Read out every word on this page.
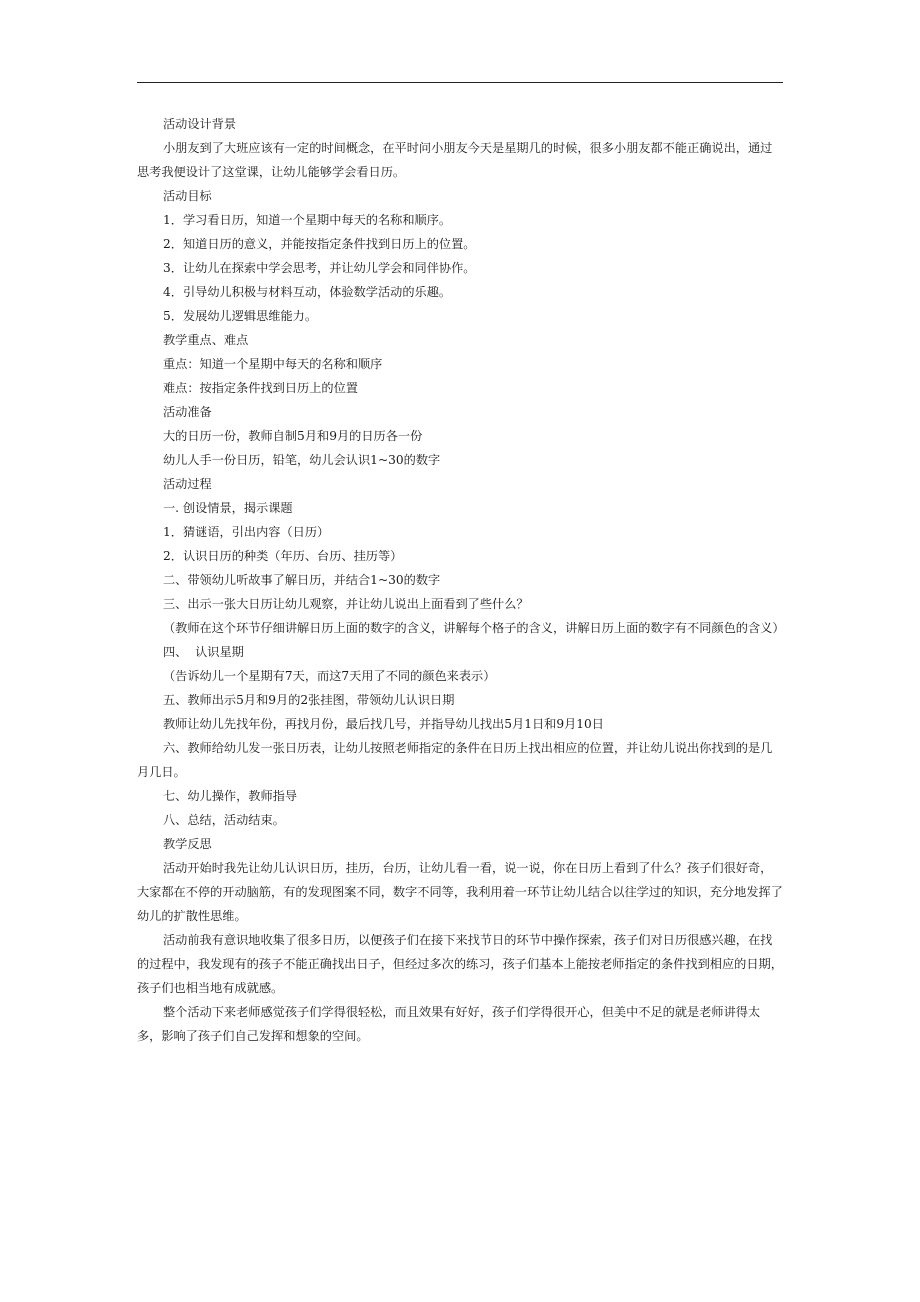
活动设计背景

小朋友到了大班应该有一定的时间概念，在平时问小朋友今天是星期几的时候，很多小朋友都不能正确说出，通过思考我便设计了这堂课，让幼儿能够学会看日历。

活动目标

1．学习看日历，知道一个星期中每天的名称和顺序。

2．知道日历的意义，并能按指定条件找到日历上的位置。

3．让幼儿在探索中学会思考，并让幼儿学会和同伴协作。

4．引导幼儿积极与材料互动，体验数学活动的乐趣。

5．发展幼儿逻辑思维能力。

教学重点、难点

重点：知道一个星期中每天的名称和顺序

难点：按指定条件找到日历上的位置

活动准备

大的日历一份，教师自制5月和9月的日历各一份

幼儿人手一份日历，铅笔，幼儿会认识1~30的数字

活动过程

一. 创设情景，揭示课题

1．猜谜语，引出内容（日历）

2．认识日历的种类（年历、台历、挂历等）

二、带领幼儿听故事了解日历，并结合1~30的数字

三、出示一张大日历让幼儿观察，并让幼儿说出上面看到了些什么？

（教师在这个环节仔细讲解日历上面的数字的含义，讲解每个格子的含义，讲解日历上面的数字有不同颜色的含义）

四、  认识星期

（告诉幼儿一个星期有7天，而这7天用了不同的颜色来表示）

五、教师出示5月和9月的2张挂图，带领幼儿认识日期

教师让幼儿先找年份，再找月份，最后找几号，并指导幼儿找出5月1日和9月10日

六、教师给幼儿发一张日历表，让幼儿按照老师指定的条件在日历上找出相应的位置，并让幼儿说出你找到的是几月几日。

七、幼儿操作，教师指导

八、总结，活动结束。

教学反思

活动开始时我先让幼儿认识日历，挂历，台历，让幼儿看一看，说一说，你在日历上看到了什么？孩子们很好奇，大家都在不停的开动脑筋，有的发现图案不同，数字不同等，我利用着一环节让幼儿结合以往学过的知识，充分地发挥了幼儿的扩散性思维。

活动前我有意识地收集了很多日历，以便孩子们在接下来找节日的环节中操作探索，孩子们对日历很感兴趣，在找的过程中，我发现有的孩子不能正确找出日子，但经过多次的练习，孩子们基本上能按老师指定的条件找到相应的日期，孩子们也相当地有成就感。

整个活动下来老师感觉孩子们学得很轻松，而且效果有好好，孩子们学得很开心，但美中不足的就是老师讲得太多，影响了孩子们自己发挥和想象的空间。
